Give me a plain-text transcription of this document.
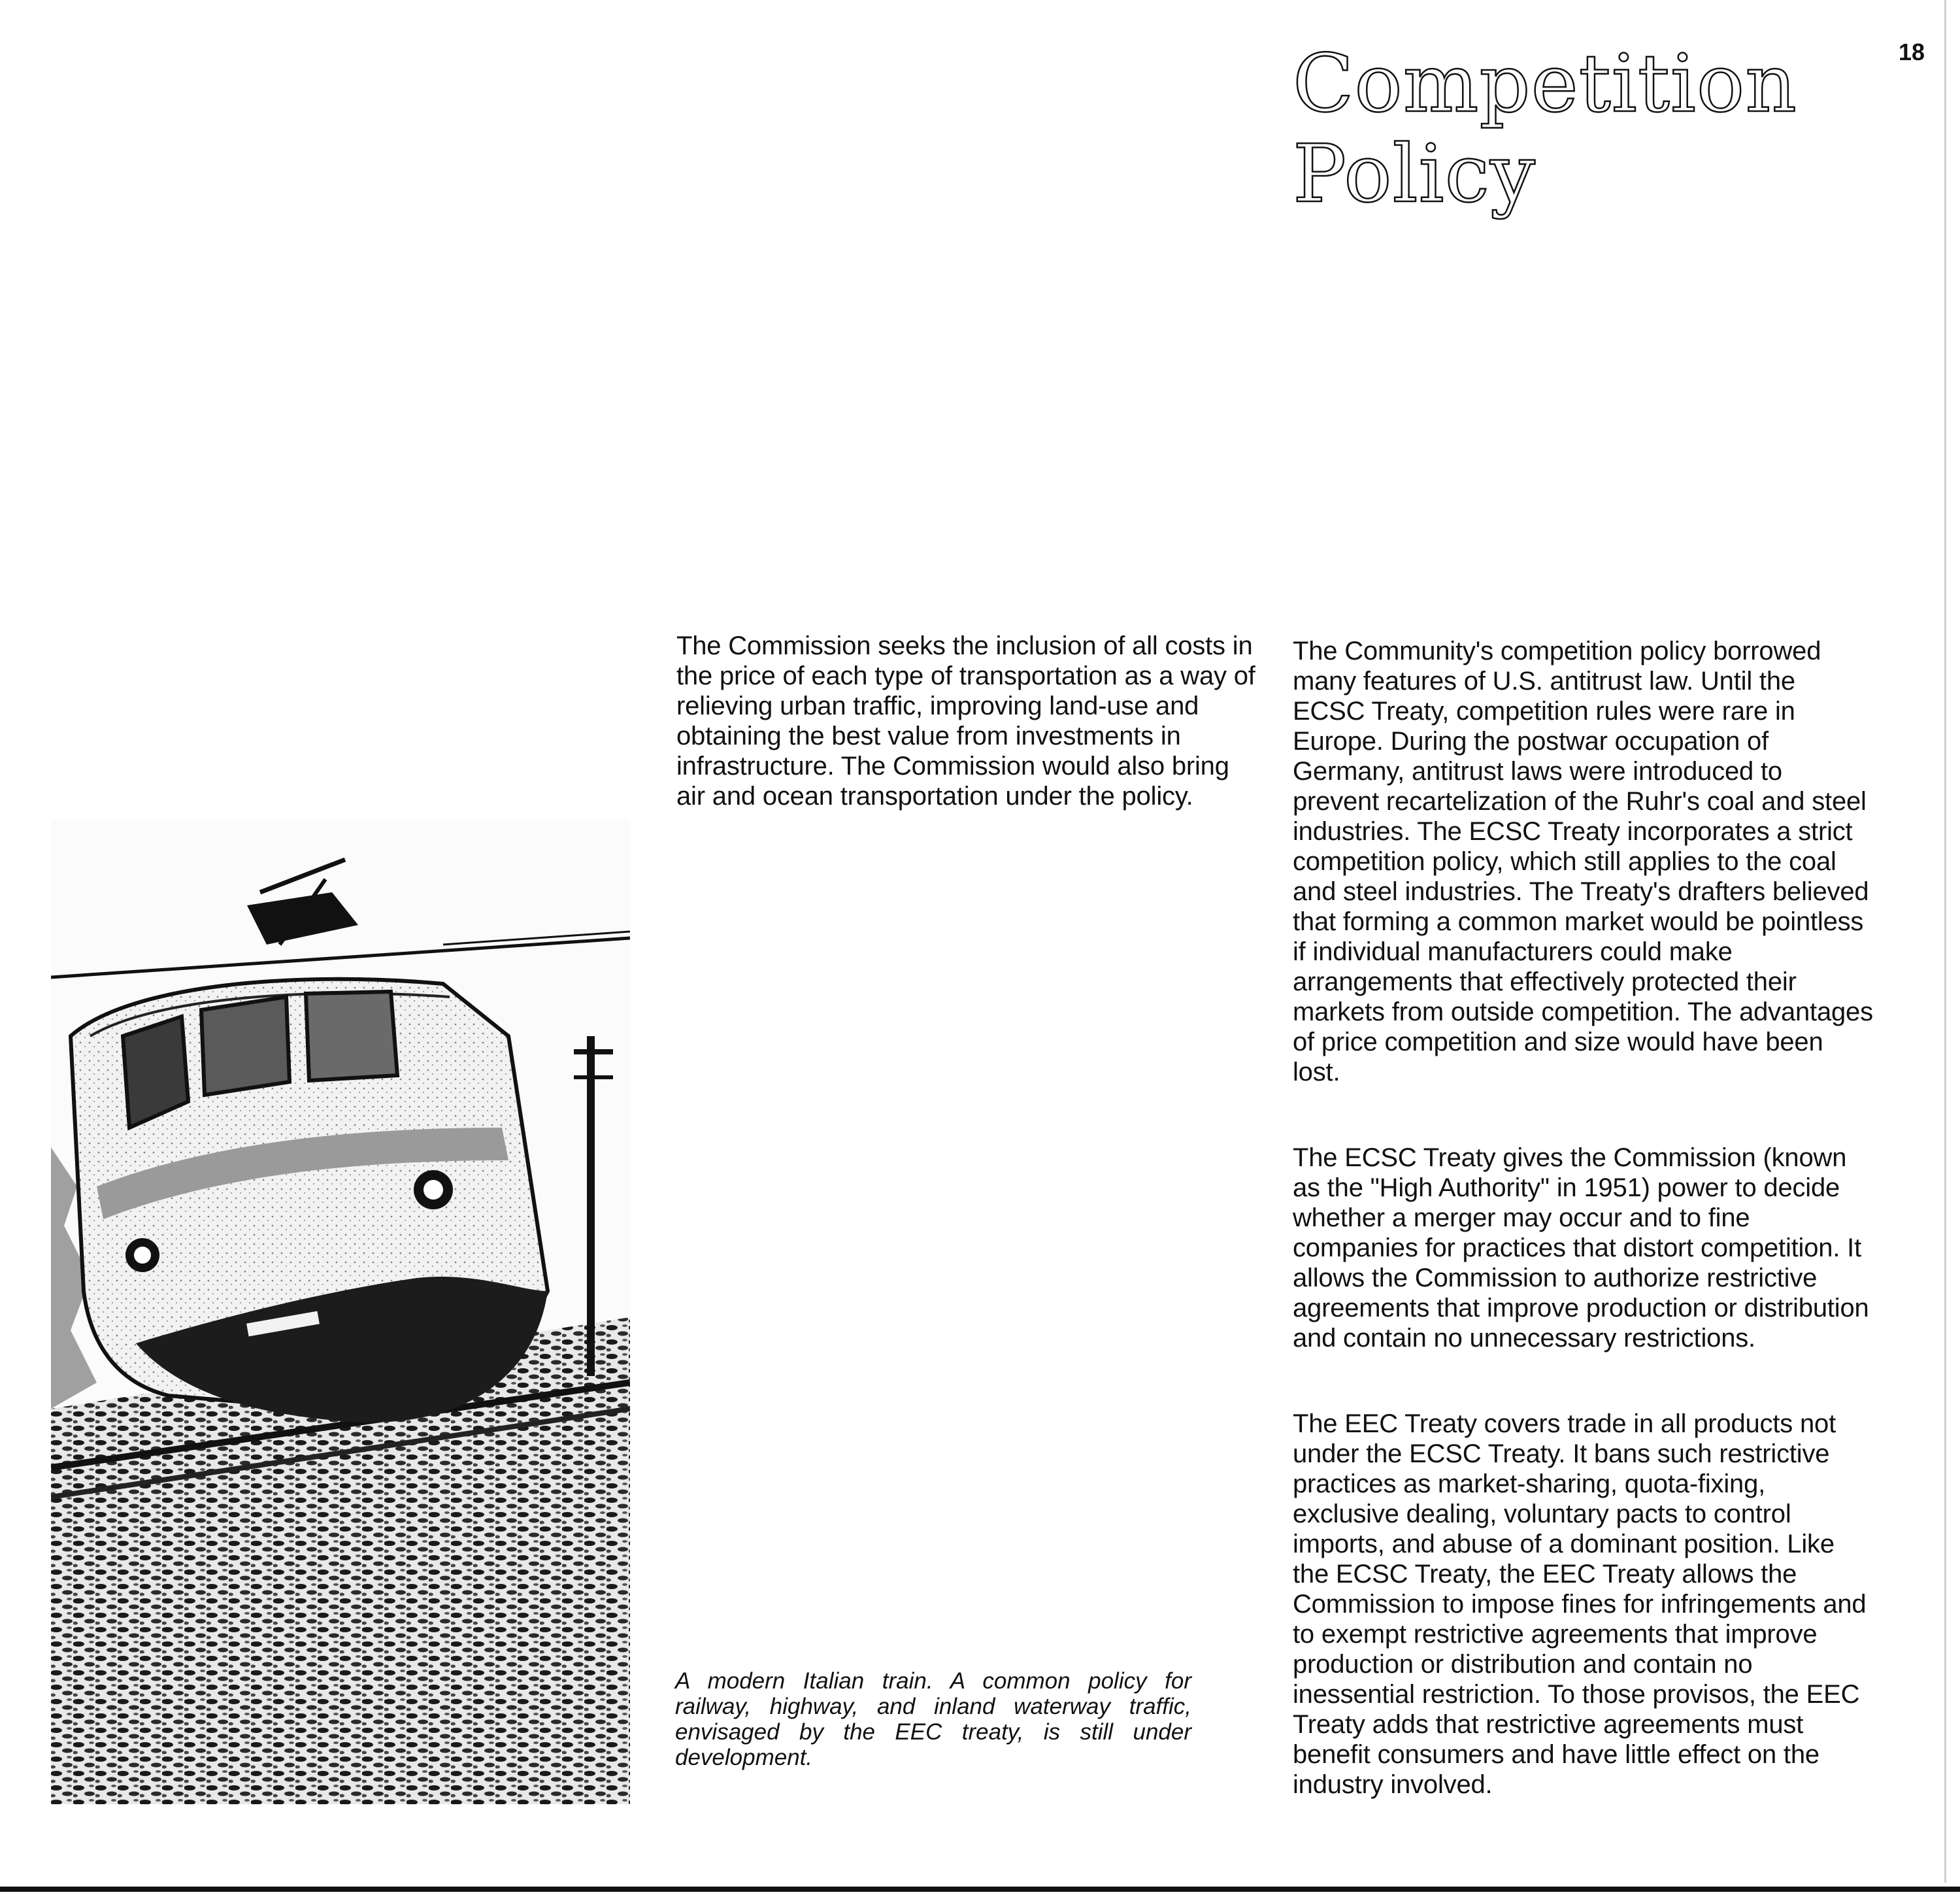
18
Competition
Policy

The Commission seeks the inclusion of all costs in the price of each type of transportation as a way of relieving urban traffic, improving land-use and obtaining the best value from investments in infrastructure. The Commission would also bring air and ocean transportation under the policy.

A modern Italian train. A common policy for railway, highway, and inland waterway traffic, envisaged by the EEC treaty, is still under development.

The Community's competition policy borrowed many features of U.S. antitrust law. Until the ECSC Treaty, competition rules were rare in Europe. During the postwar occupation of Germany, antitrust laws were introduced to prevent recartelization of the Ruhr's coal and steel industries. The ECSC Treaty incorporates a strict competition policy, which still applies to the coal and steel industries. The Treaty's drafters believed that forming a common market would be pointless if individual manufacturers could make arrangements that effectively protected their markets from outside competition. The advantages of price competition and size would have been lost.

The ECSC Treaty gives the Commission (known as the "High Authority" in 1951) power to decide whether a merger may occur and to fine companies for practices that distort competition. It allows the Commission to authorize restrictive agreements that improve production or distribution and contain no unnecessary restrictions.

The EEC Treaty covers trade in all products not under the ECSC Treaty. It bans such restrictive practices as market-sharing, quota-fixing, exclusive dealing, voluntary pacts to control imports, and abuse of a dominant position. Like the ECSC Treaty, the EEC Treaty allows the Commission to impose fines for infringements and to exempt restrictive agreements that improve production or distribution and contain no inessential restriction. To those provisos, the EEC Treaty adds that restrictive agreements must benefit consumers and have little effect on the industry involved.
